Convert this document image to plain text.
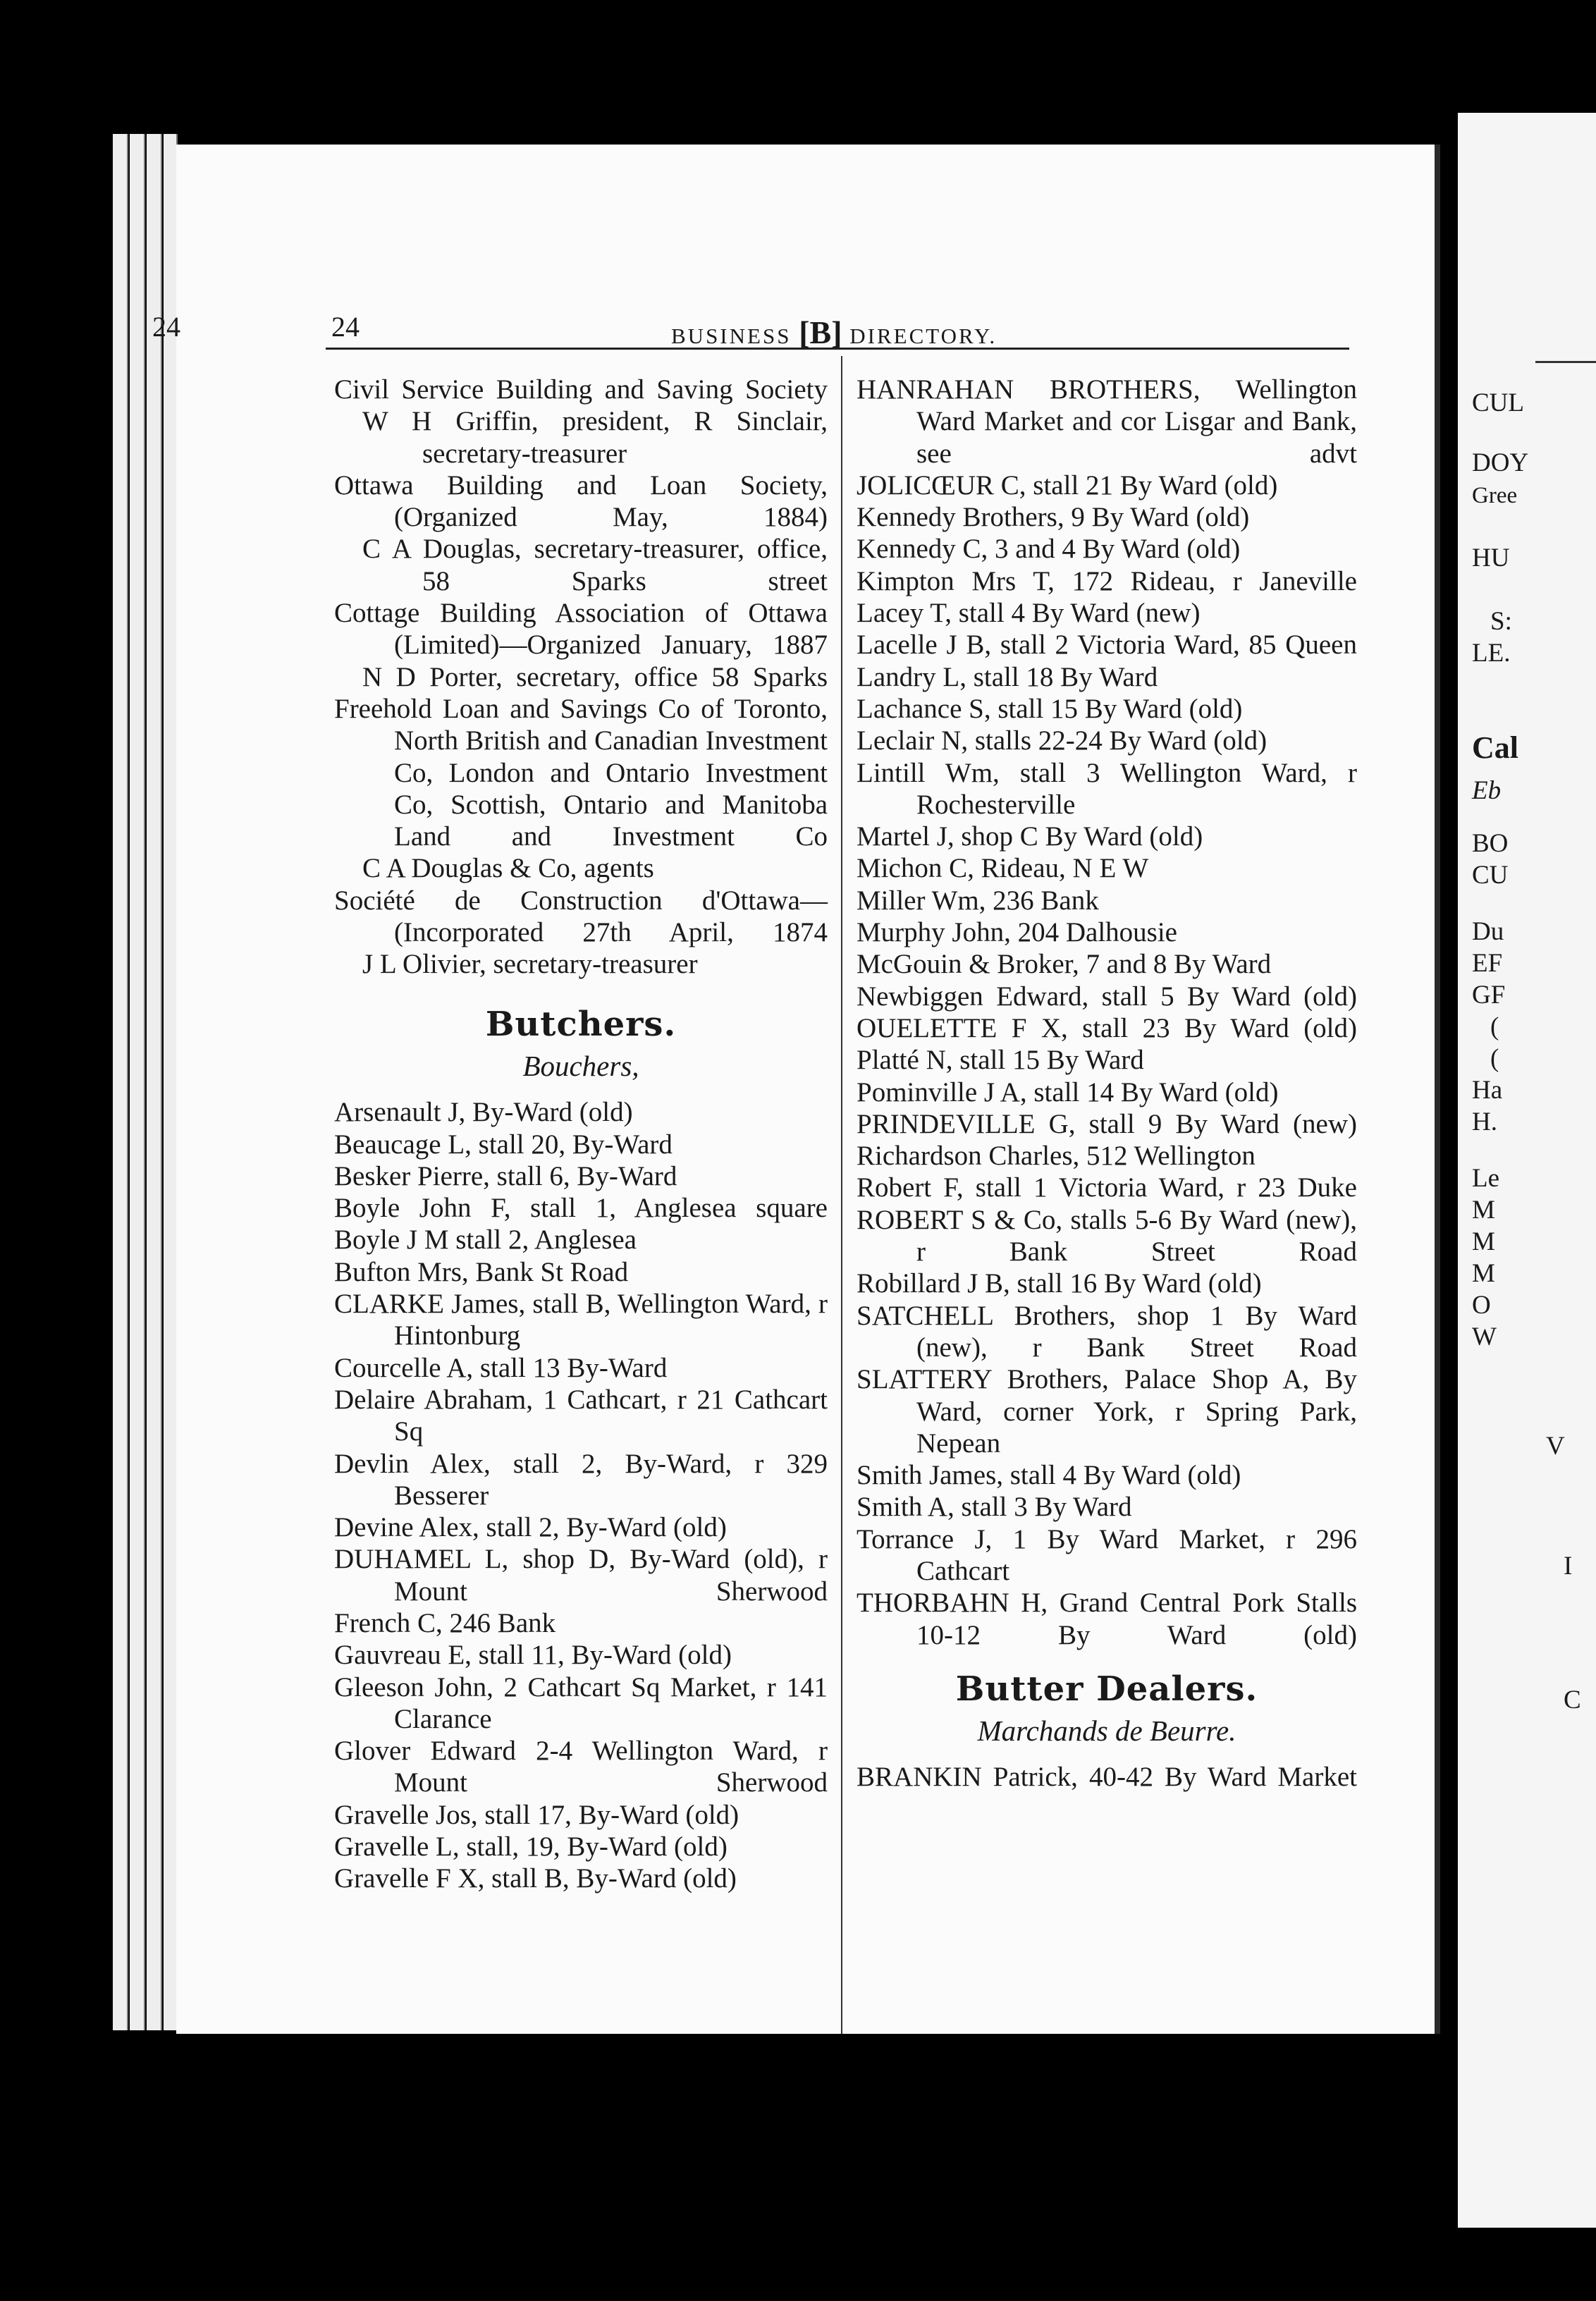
CUL
DOY
Gree
HU
S:
LE.
Cal
Eb
BO
CU
Du
EF
GF
(
(
Ha
H.
Le
M
M
M
O
W
V
I
C
24	24	BUSINESS [B] DIRECTORY.
Civil Service Building and Saving Society
W H Griffin, president, R Sinclair, secretary-treasurer
Ottawa Building and Loan Society, (Organized May, 1884)
C A Douglas, secretary-treasurer, office, 58 Sparks street
Cottage Building Association of Ottawa (Limited)—Organized January, 1887
N D Porter, secretary, office 58 Sparks
Freehold Loan and Savings Co of Toronto, North British and Canadian Investment Co, London and Ontario Investment Co, Scottish, Ontario and Manitoba Land and Investment Co
C A Douglas & Co, agents
Société de Construction d'Ottawa—(Incorporated 27th April, 1874
J L Olivier, secretary-treasurer
Butchers.
Bouchers,
Arsenault J, By-Ward (old)
Beaucage L, stall 20, By-Ward
Besker Pierre, stall 6, By-Ward
Boyle John F, stall 1, Anglesea square
Boyle J M stall 2, Anglesea
Bufton Mrs, Bank St Road
CLARKE James, stall B, Wellington Ward, r Hintonburg
Courcelle A, stall 13 By-Ward
Delaire Abraham, 1 Cathcart, r 21 Cathcart Sq
Devlin Alex, stall 2, By-Ward, r 329 Besserer
Devine Alex, stall 2, By-Ward (old)
DUHAMEL L, shop D, By-Ward (old), r Mount Sherwood
French C, 246 Bank
Gauvreau E, stall 11, By-Ward (old)
Gleeson John, 2 Cathcart Sq Market, r 141 Clarance
Glover Edward 2-4 Wellington Ward, r Mount Sherwood
Gravelle Jos, stall 17, By-Ward (old)
Gravelle L, stall, 19, By-Ward (old)
Gravelle F X, stall B, By-Ward (old)
HANRAHAN BROTHERS, Wellington Ward Market and cor Lisgar and Bank, see advt
JOLICŒUR C, stall 21 By Ward (old)
Kennedy Brothers, 9 By Ward (old)
Kennedy C, 3 and 4 By Ward (old)
Kimpton Mrs T, 172 Rideau, r Janeville
Lacey T, stall 4 By Ward (new)
Lacelle J B, stall 2 Victoria Ward, 85 Queen
Landry L, stall 18 By Ward
Lachance S, stall 15 By Ward (old)
Leclair N, stalls 22-24 By Ward (old)
Lintill Wm, stall 3 Wellington Ward, r Rochesterville
Martel J, shop C By Ward (old)
Michon C, Rideau, N E W
Miller Wm, 236 Bank
Murphy John, 204 Dalhousie
McGouin & Broker, 7 and 8 By Ward
Newbiggen Edward, stall 5 By Ward (old)
OUELETTE F X, stall 23 By Ward (old)
Platté N, stall 15 By Ward
Pominville J A, stall 14 By Ward (old)
PRINDEVILLE G, stall 9 By Ward (new)
Richardson Charles, 512 Wellington
Robert F, stall 1 Victoria Ward, r 23 Duke
ROBERT S & Co, stalls 5-6 By Ward (new), r Bank Street Road
Robillard J B, stall 16 By Ward (old)
SATCHELL Brothers, shop 1 By Ward (new), r Bank Street Road
SLATTERY Brothers, Palace Shop A, By Ward, corner York, r Spring Park, Nepean
Smith James, stall 4 By Ward (old)
Smith A, stall 3 By Ward
Torrance J, 1 By Ward Market, r 296 Cathcart
THORBAHN H, Grand Central Pork Stalls 10-12 By Ward (old)
Butter Dealers.
Marchands de Beurre.
BRANKIN Patrick, 40-42 By Ward Market
